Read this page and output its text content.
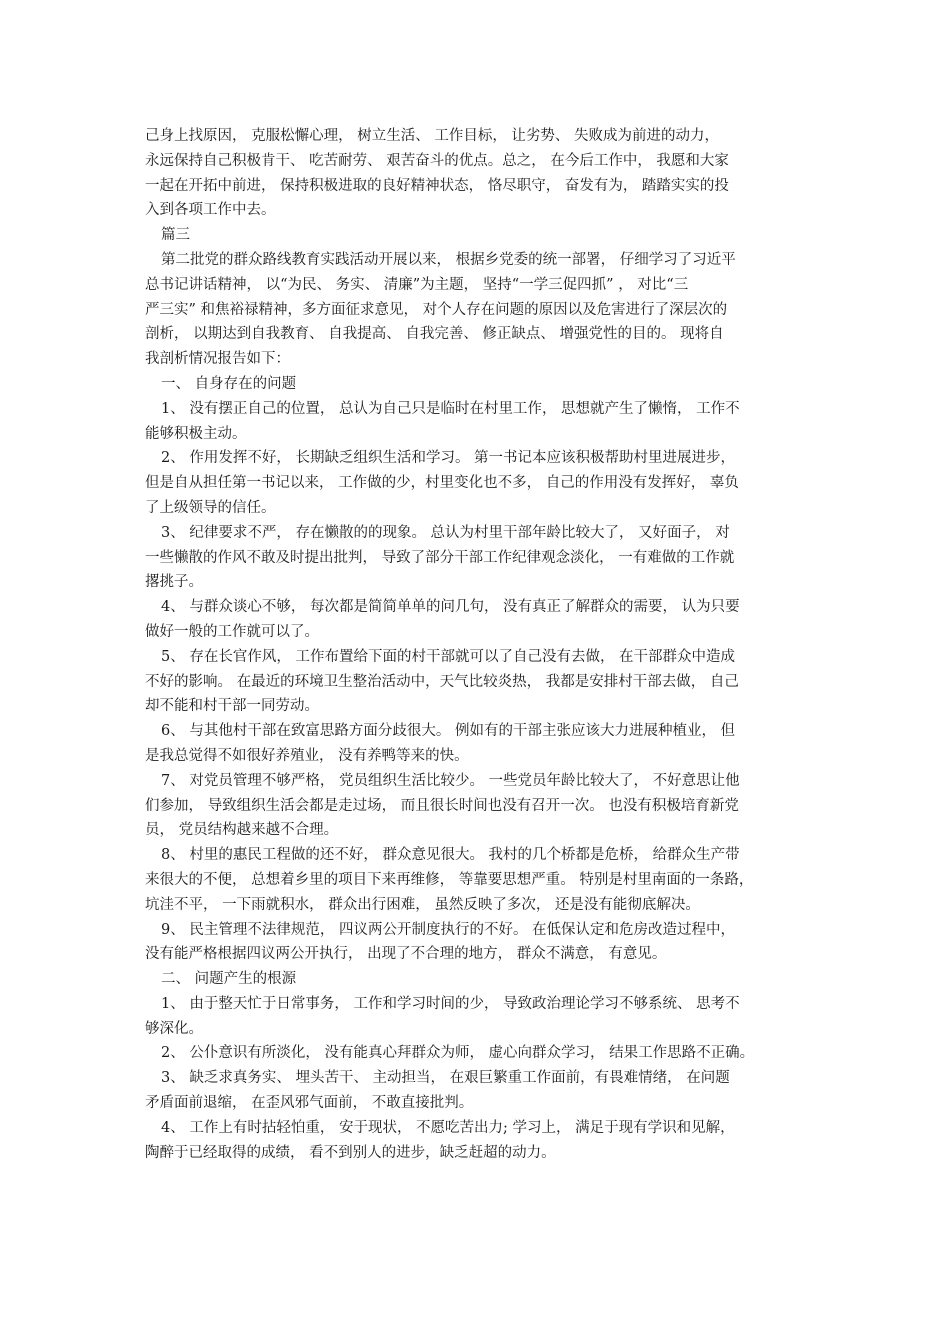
己身上找原因， 克服松懈心理， 树立生活、 工作目标， 让劣势、 失败成为前进的动力，

永远保持自己积极肯干、 吃苦耐劳、 艰苦奋斗的优点。总之， 在今后工作中， 我愿和大家

一起在开拓中前进， 保持积极进取的良好精神状态， 恪尽职守， 奋发有为， 踏踏实实的投

入到各项工作中去。

篇三

第二批党的群众路线教育实践活动开展以来， 根据乡党委的统一部署， 仔细学习了习近平

总书记讲话精神， 以“为民、 务实、 清廉”为主题， 坚持“一学三促四抓” ， 对比“三

严三实” 和焦裕禄精神，多方面征求意见， 对个人存在问题的原因以及危害进行了深层次的

剖析， 以期达到自我教育、 自我提高、 自我完善、 修正缺点、 增强党性的目的。 现将自

我剖析情况报告如下：

一、 自身存在的问题

1、 没有摆正自己的位置， 总认为自己只是临时在村里工作， 思想就产生了懒惰， 工作不

能够积极主动。

2、 作用发挥不好， 长期缺乏组织生活和学习。 第一书记本应该积极帮助村里进展进步，

但是自从担任第一书记以来， 工作做的少，村里变化也不多， 自己的作用没有发挥好， 辜负

了上级领导的信任。

3、 纪律要求不严， 存在懒散的的现象。 总认为村里干部年龄比较大了， 又好面子， 对

一些懒散的作风不敢及时提出批判， 导致了部分干部工作纪律观念淡化， 一有难做的工作就

撂挑子。

4、 与群众谈心不够， 每次都是简简单单的问几句， 没有真正了解群众的需要， 认为只要

做好一般的工作就可以了。

5、 存在长官作风， 工作布置给下面的村干部就可以了自己没有去做， 在干部群众中造成

不好的影响。 在最近的环境卫生整治活动中，天气比较炎热， 我都是安排村干部去做， 自己

却不能和村干部一同劳动。

6、 与其他村干部在致富思路方面分歧很大。 例如有的干部主张应该大力进展种植业， 但

是我总觉得不如很好养殖业， 没有养鸭等来的快。

7、 对党员管理不够严格， 党员组织生活比较少。 一些党员年龄比较大了， 不好意思让他

们参加， 导致组织生活会都是走过场， 而且很长时间也没有召开一次。 也没有积极培育新党

员， 党员结构越来越不合理。

8、 村里的惠民工程做的还不好， 群众意见很大。 我村的几个桥都是危桥， 给群众生产带

来很大的不便， 总想着乡里的项目下来再维修， 等靠要思想严重。 特别是村里南面的一条路，

坑洼不平， 一下雨就积水， 群众出行困难， 虽然反映了多次， 还是没有能彻底解决。

9、 民主管理不法律规范， 四议两公开制度执行的不好。 在低保认定和危房改造过程中，

没有能严格根据四议两公开执行， 出现了不合理的地方， 群众不满意， 有意见。

二、 问题产生的根源

1、 由于整天忙于日常事务， 工作和学习时间的少， 导致政治理论学习不够系统、 思考不

够深化。

2、 公仆意识有所淡化， 没有能真心拜群众为师， 虚心向群众学习， 结果工作思路不正确。

3、 缺乏求真务实、 埋头苦干、 主动担当， 在艰巨繁重工作面前，有畏难情绪， 在问题

矛盾面前退缩， 在歪风邪气面前， 不敢直接批判。

4、 工作上有时拈轻怕重， 安于现状， 不愿吃苦出力; 学习上， 满足于现有学识和见解，

陶醉于已经取得的成绩， 看不到别人的进步，缺乏赶超的动力。
